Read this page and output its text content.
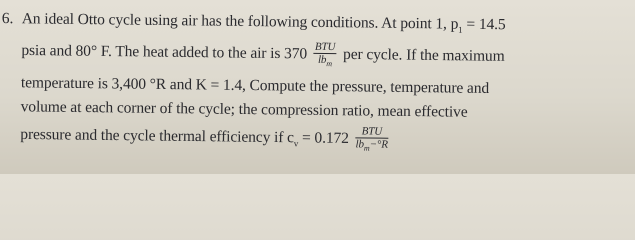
6. An ideal Otto cycle using air has the following conditions. At point 1, $p_1 = 14.5$
psia and 80° F. The heat added to the air is $370 \frac{\text{BTU}}{lb_m}$ per cycle. If the maximum
temperature is 3,400 °R and K = 1.4, Compute the pressure, temperature and
volume at each corner of the cycle; the compression ratio, mean effective
pressure and the cycle thermal efficiency if $c_v = 0.172 \frac{\text{BTU}}{lb_m-^\circ R}$
